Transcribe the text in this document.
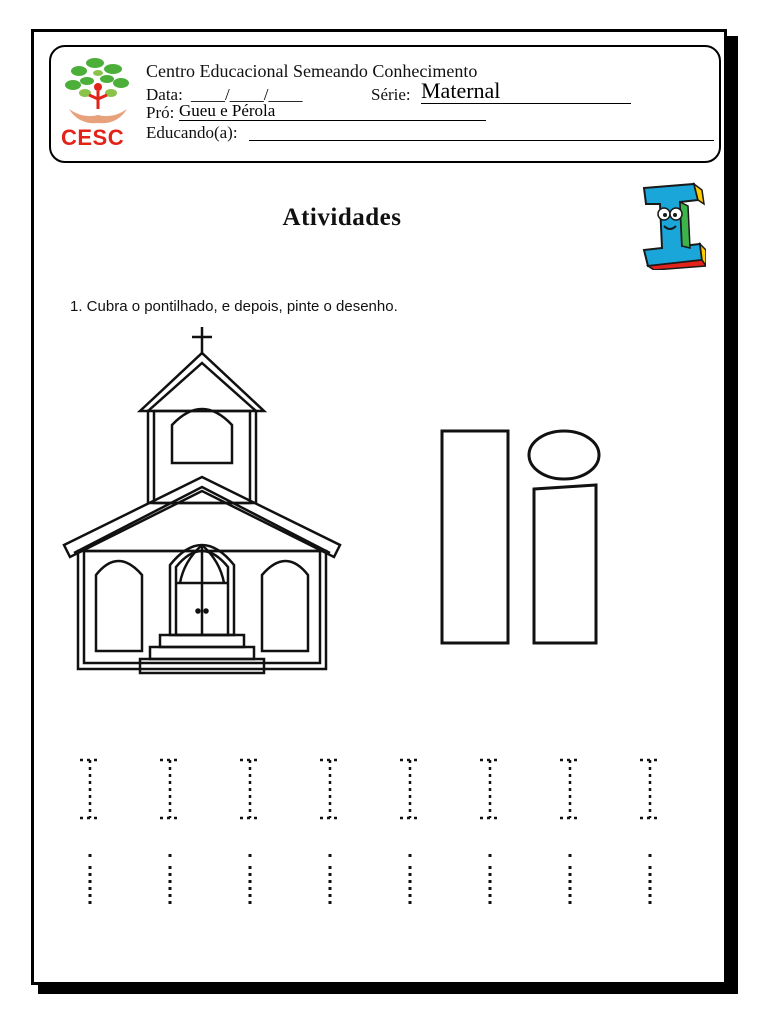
CESC
Centro Educacional Semeando Conhecimento
Data: ____/____/____	Série: Maternal
Pró: Gueu e Pérola
Educando(a):
Atividades
1. Cubra o pontilhado, e depois, pinte o desenho.
